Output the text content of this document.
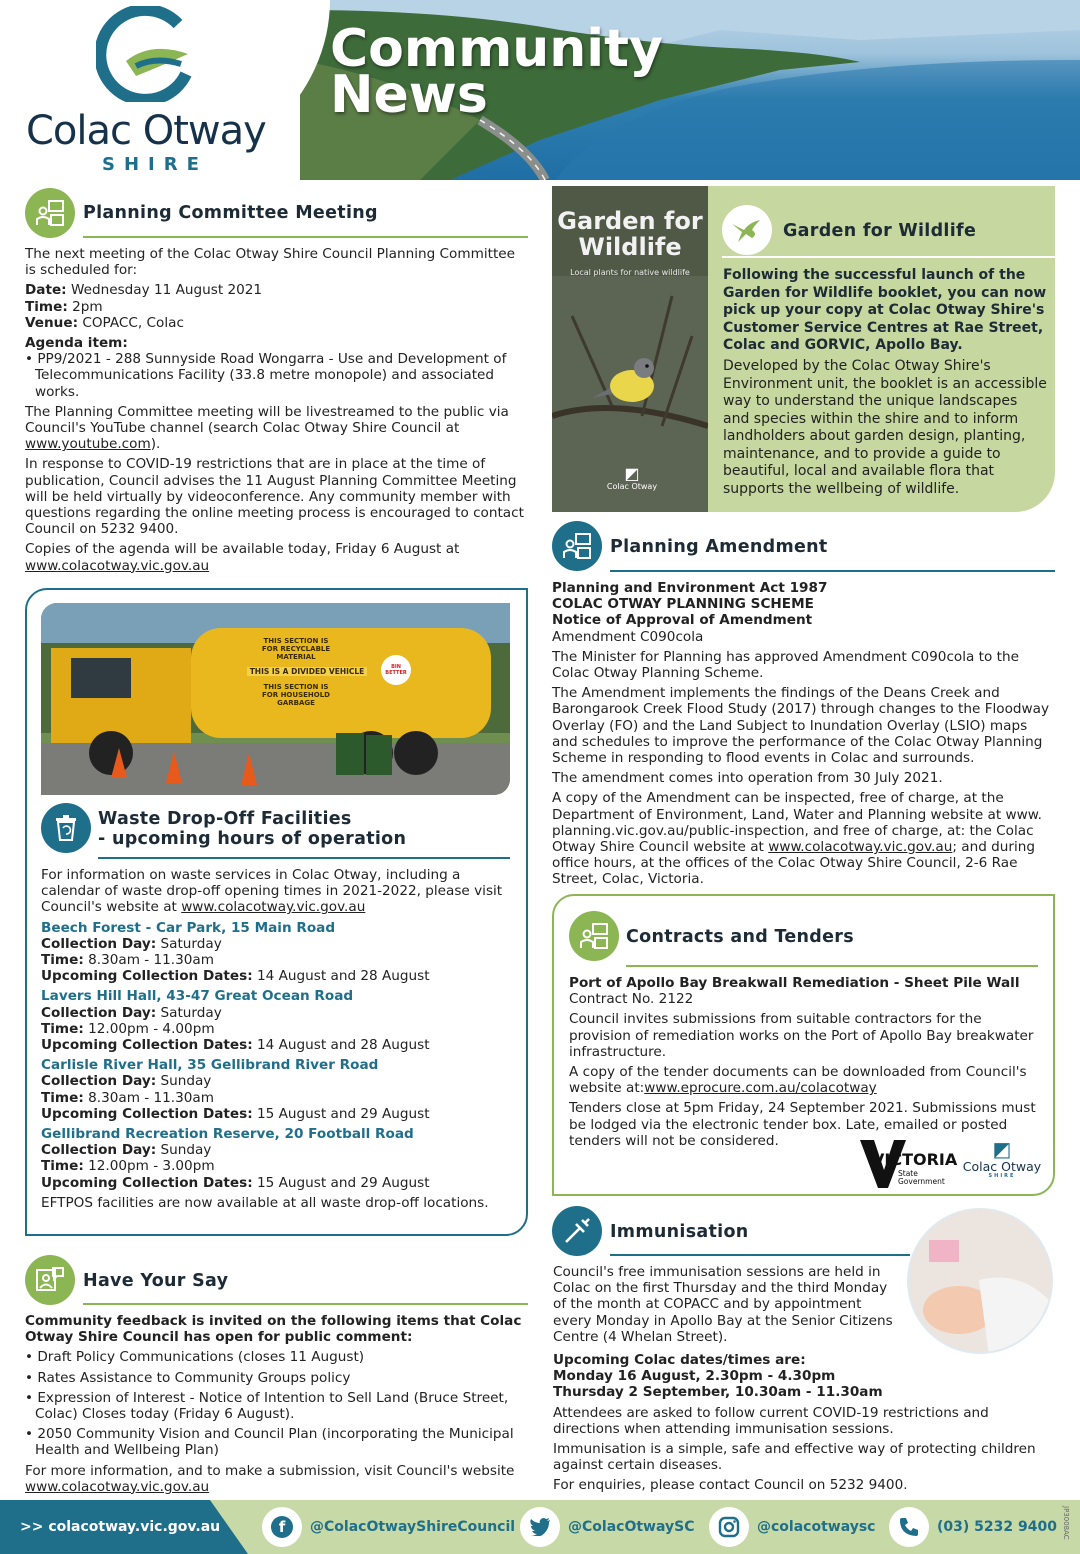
Colac Otway
SHIRE
Community
News
Planning Committee Meeting

The next meeting of the Colac Otway Shire Council Planning Committee is scheduled for:

Date: Wednesday 11 August 2021
Time: 2pm
Venue: COPACC, Colac
Agenda item:
• PP9/2021 - 288 Sunnyside Road Wongarra - Use and Development of Telecommunications Facility (33.8 metre monopole) and associated works.

The Planning Committee meeting will be livestreamed to the public via Council's YouTube channel (search Colac Otway Shire Council at www.youtube.com).

In response to COVID-19 restrictions that are in place at the time of publication, Council advises the 11 August Planning Committee Meeting will be held virtually by videoconference. Any community member with questions regarding the online meeting process is encouraged to contact Council on 5232 9400.

Copies of the agenda will be available today, Friday 6 August at
www.colacotway.vic.gov.au
THIS SECTION IS FOR RECYCLABLE MATERIAL
THIS IS A DIVIDED VEHICLE
THIS SECTION IS FOR HOUSEHOLD GARBAGE
BIN BETTER
Waste Drop-Off Facilities
- upcoming hours of operation

For information on waste services in Colac Otway, including a calendar of waste drop-off opening times in 2021-2022, please visit Council's website at www.colacotway.vic.gov.au

Beech Forest - Car Park, 15 Main Road
Collection Day: Saturday
Time: 8.30am - 11.30am
Upcoming Collection Dates: 14 August and 28 August
Lavers Hill Hall, 43-47 Great Ocean Road
Collection Day: Saturday
Time: 12.00pm - 4.00pm
Upcoming Collection Dates: 14 August and 28 August
Carlisle River Hall, 35 Gellibrand River Road
Collection Day: Sunday
Time: 8.30am - 11.30am
Upcoming Collection Dates: 15 August and 29 August
Gellibrand Recreation Reserve, 20 Football Road
Collection Day: Sunday
Time: 12.00pm - 3.00pm
Upcoming Collection Dates: 15 August and 29 August
EFTPOS facilities are now available at all waste drop-off locations.
Have Your Say

Community feedback is invited on the following items that Colac Otway Shire Council has open for public comment:

• Draft Policy Communications (closes 11 August)
• Rates Assistance to Community Groups policy
• Expression of Interest - Notice of Intention to Sell Land (Bruce Street, Colac) Closes today (Friday 6 August).
• 2050 Community Vision and Council Plan (incorporating the Municipal Health and Wellbeing Plan)
For more information, and to make a submission, visit Council's website
www.colacotway.vic.gov.au
Garden for
Wildlife
Local plants for native wildlife
◩
Colac Otway
Garden for Wildlife
Following the successful launch of the Garden for Wildlife booklet, you can now pick up your copy at Colac Otway Shire's Customer Service Centres at Rae Street, Colac and GORVIC, Apollo Bay.
Developed by the Colac Otway Shire's Environment unit, the booklet is an accessible way to understand the unique landscapes and species within the shire and to inform landholders about garden design, planting, maintenance, and to provide a guide to beautiful, local and available flora that supports the wellbeing of wildlife.
Planning Amendment
Planning and Environment Act 1987
COLAC OTWAY PLANNING SCHEME
Notice of Approval of Amendment

Amendment C090cola

The Minister for Planning has approved Amendment C090cola to the Colac Otway Planning Scheme.

The Amendment implements the findings of the Deans Creek and Barongarook Creek Flood Study (2017) through changes to the Floodway Overlay (FO) and the Land Subject to Inundation Overlay (LSIO) maps and schedules to improve the performance of the Colac Otway Planning Scheme in responding to flood events in Colac and surrounds.

The amendment comes into operation from 30 July 2021.

A copy of the Amendment can be inspected, free of charge, at the Department of Environment, Land, Water and Planning website at www. planning.vic.gov.au/public-inspection, and free of charge, at: the Colac Otway Shire Council website at www.colacotway.vic.gov.au; and during office hours, at the offices of the Colac Otway Shire Council, 2-6 Rae Street, Colac, Victoria.

Contracts and Tenders
Port of Apollo Bay Breakwall Remediation - Sheet Pile Wall

Contract No. 2122

Council invites submissions from suitable contractors for the provision of remediation works on the Port of Apollo Bay breakwater infrastructure.

A copy of the tender documents can be downloaded from Council's website at:www.eprocure.com.au/colacotway

Tenders close at 5pm Friday, 24 September 2021. Submissions must be lodged via the electronic tender box. Late, emailed or posted tenders will not be considered.

VICTORIA
State
Government
◩
Colac Otway
SHIRE
Immunisation
Council's free immunisation sessions are held in Colac on the first Thursday and the third Monday of the month at COPACC and by appointment every Monday in Apollo Bay at the Senior Citizens Centre (4 Whelan Street).
Upcoming Colac dates/times are:
Monday 16 August, 2.30pm - 4.30pm

Thursday 2 September, 10.30am - 11.30am

Attendees are asked to follow current COVID-19 restrictions and directions when attending immunisation sessions.

Immunisation is a simple, safe and effective way of protecting children against certain diseases.

For enquiries, please contact Council on 5232 9400.

>> colacotway.vic.gov.au	f	@ColacOtwayShireCouncil	@ColacOtwaySC	@colacotwaysc	(03) 5232 9400 JP3008AC
